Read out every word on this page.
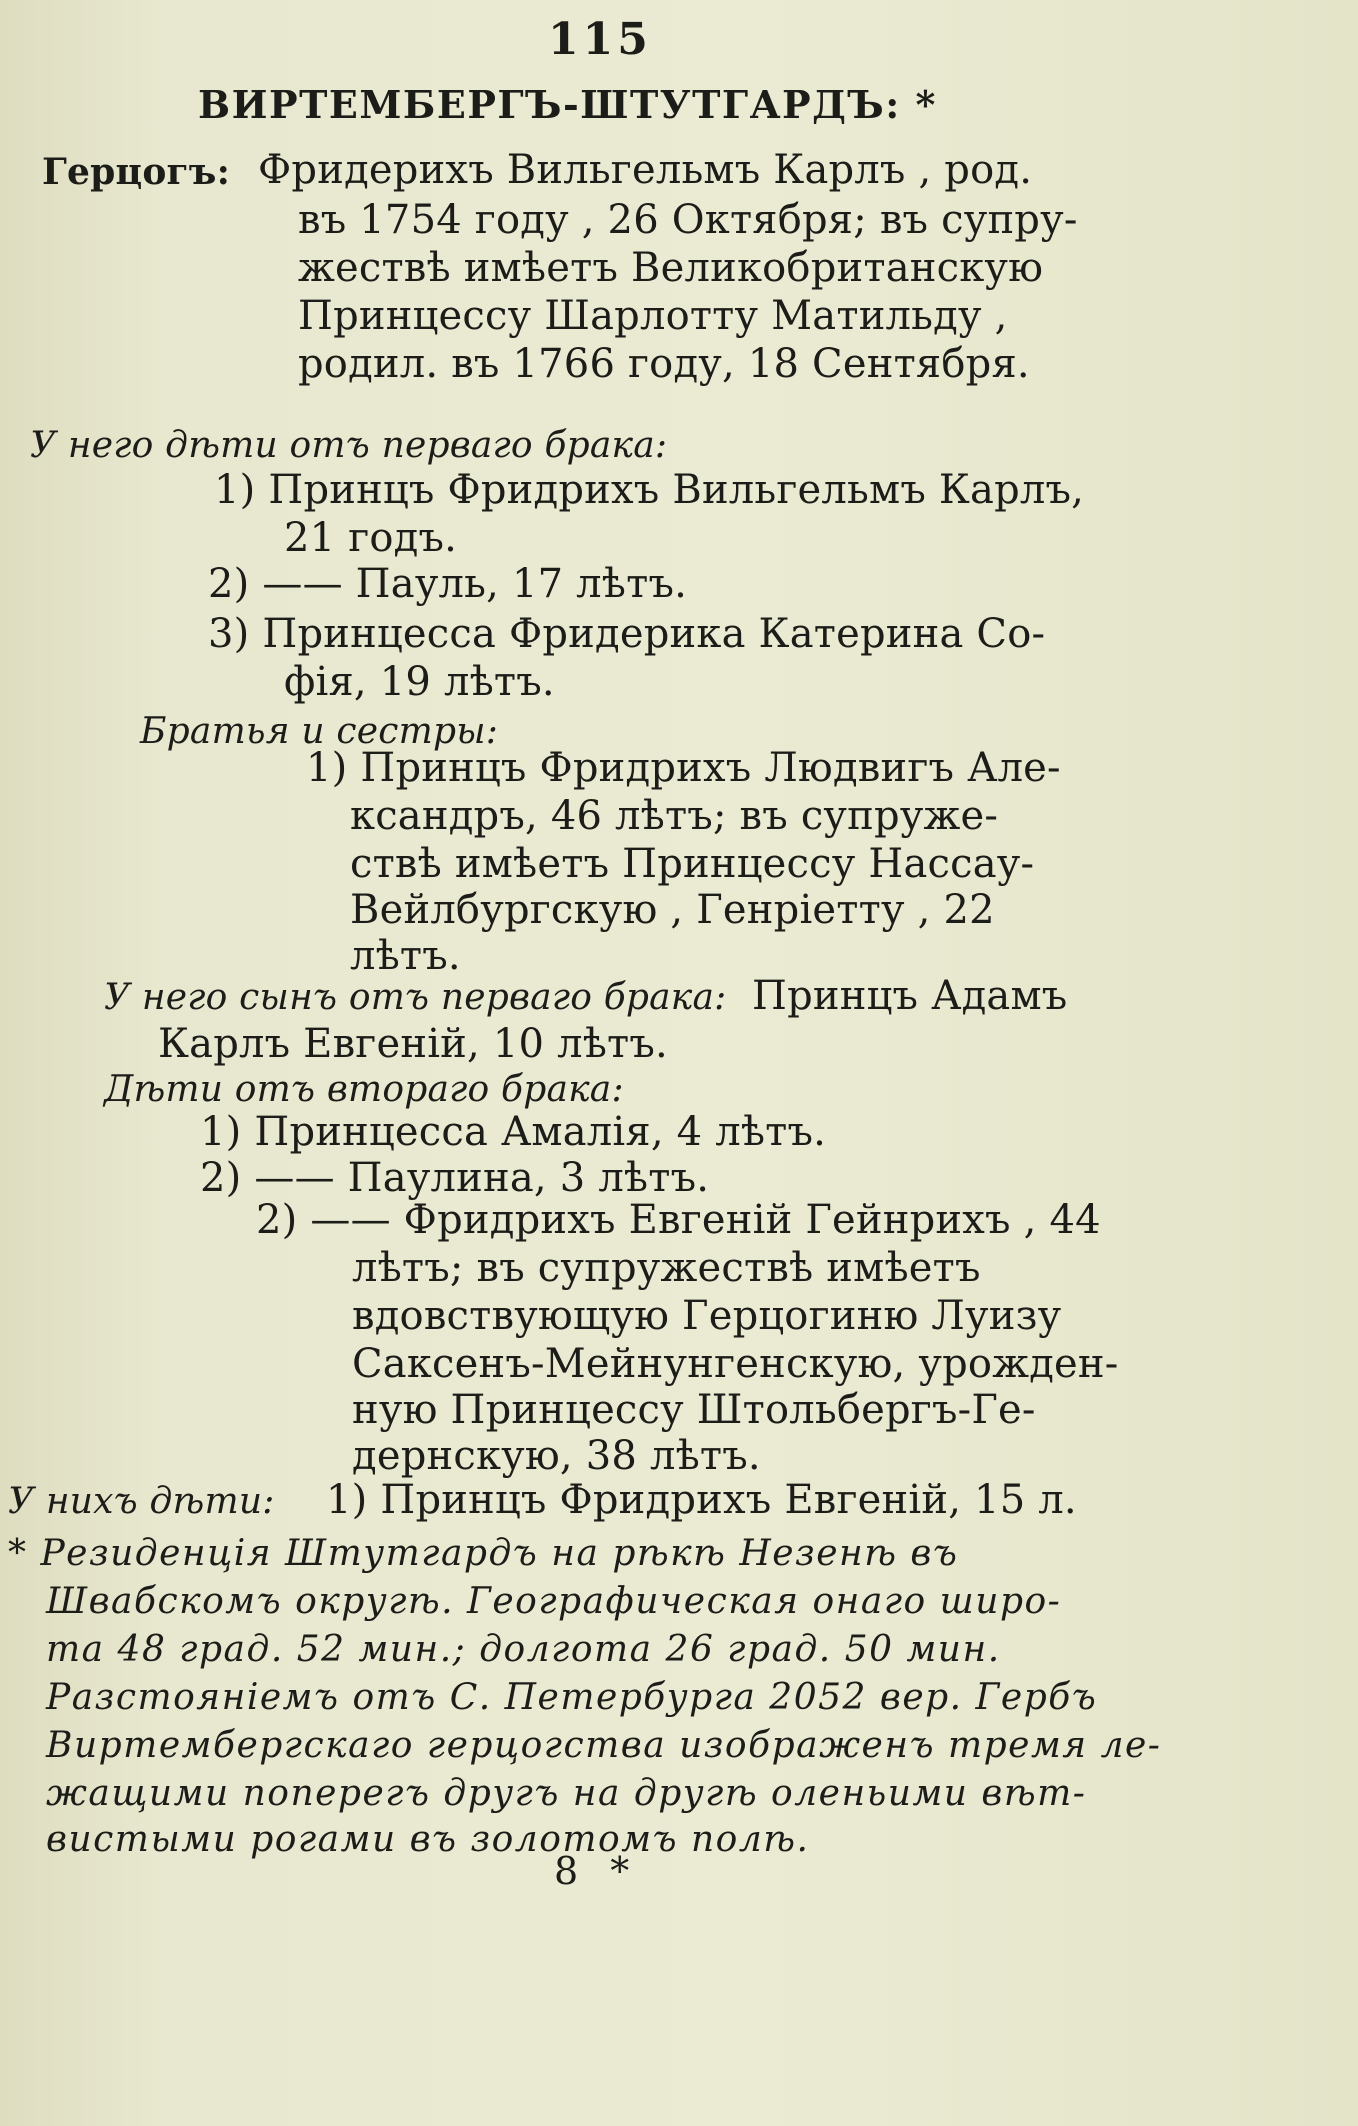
115
ВИРТЕМБЕРГЪ-ШТУТГАРДЪ: *
Герцогъ: Фридерихъ Вильгельмъ Карлъ , род.
въ 1754 году , 26 Октября; въ супру-
жествѣ имѣетъ Великобританскую
Принцессу Шарлотту Матильду ,
родил. въ 1766 году, 18 Сентября.
У него дѣти отъ перваго брака:
1) Принцъ Фридрихъ Вильгельмъ Карлъ,
21 годъ.
2) —— Пауль, 17 лѣтъ.
3) Принцесса Фридерика Катерина Со-
фія, 19 лѣтъ.
Братья и сестры:
1) Принцъ Фридрихъ Людвигъ Але-
ксандръ, 46 лѣтъ; въ супруже-
ствѣ имѣетъ Принцессу Нассау-
Вейлбургскую , Генріетту , 22
лѣтъ.
У него сынъ отъ перваго брака: Принцъ Адамъ
Карлъ Евгеній, 10 лѣтъ.
Дѣти отъ втораго брака:
1) Принцесса Амалія, 4 лѣтъ.
2) —— Паулина, 3 лѣтъ.
2) —— Фридрихъ Евгеній Гейнрихъ , 44
лѣтъ; въ супружествѣ имѣетъ
вдовствующую Герцогиню Луизу
Саксенъ-Мейнунгенскую, урожден-
ную Принцессу Штольбергъ-Ге-
дернскую, 38 лѣтъ.
У нихъ дѣти: 1) Принцъ Фридрихъ Евгеній, 15 л.
* Резиденція Штутгардъ на рѣкѣ Незенѣ въ
Швабскомъ округѣ. Географическая онаго широ-
та 48 град. 52 мин.; долгота 26 град. 50 мин.
Разстояніемъ отъ С. Петербурга 2052 вер. Гербъ
Виртембергскаго герцогства изображенъ тремя ле-
жащими поперегъ другъ на другѣ оленьими вѣт-
вистыми рогами въ золотомъ полѣ.
8 *
